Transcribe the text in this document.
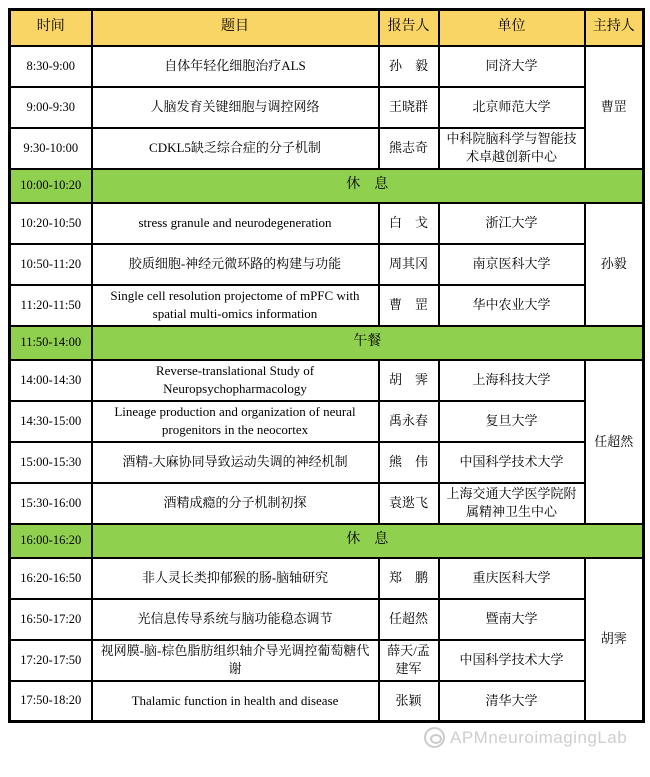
时间	题目	报告人	单位	主持人
8:30-9:00	自体年轻化细胞治疗ALS	孙　毅	同济大学	曹罡
9:00-9:30	人脑发育关键细胞与调控网络	王晓群	北京师范大学	
9:30-10:00	CDKL5缺乏综合症的分子机制	熊志奇	中科院脑科学与智能技术卓越创新中心	
10:00-10:20	休　息			
10:20-10:50	stress granule and neurodegeneration	白　戈	浙江大学	孙毅
10:50-11:20	胶质细胞-神经元微环路的构建与功能	周其冈	南京医科大学	
11:20-11:50	Single cell resolution projectome of mPFC with spatial multi-omics information	曹　罡	华中农业大学	
11:50-14:00	午餐			
14:00-14:30	Reverse-translational Study of Neuropsychopharmacology	胡　霁	上海科技大学	任超然
14:30-15:00	Lineage production and organization of neural progenitors in the neocortex	禹永春	复旦大学	
15:00-15:30	酒精-大麻协同导致运动失调的神经机制	熊　伟	中国科学技术大学	
15:30-16:00	酒精成瘾的分子机制初探	袁逖飞	上海交通大学医学院附属精神卫生中心	
16:00-16:20	休　息			
16:20-16:50	非人灵长类抑郁猴的肠-脑轴研究	郑　鹏	重庆医科大学	胡霁
16:50-17:20	光信息传导系统与脑功能稳态调节	任超然	暨南大学	
17:20-17:50	视网膜-脑-棕色脂肪组织轴介导光调控葡萄糖代谢	薛天/孟建军	中国科学技术大学	
17:50-18:20	Thalamic function in health and disease	张颖	清华大学	
APMneuroimagingLab
